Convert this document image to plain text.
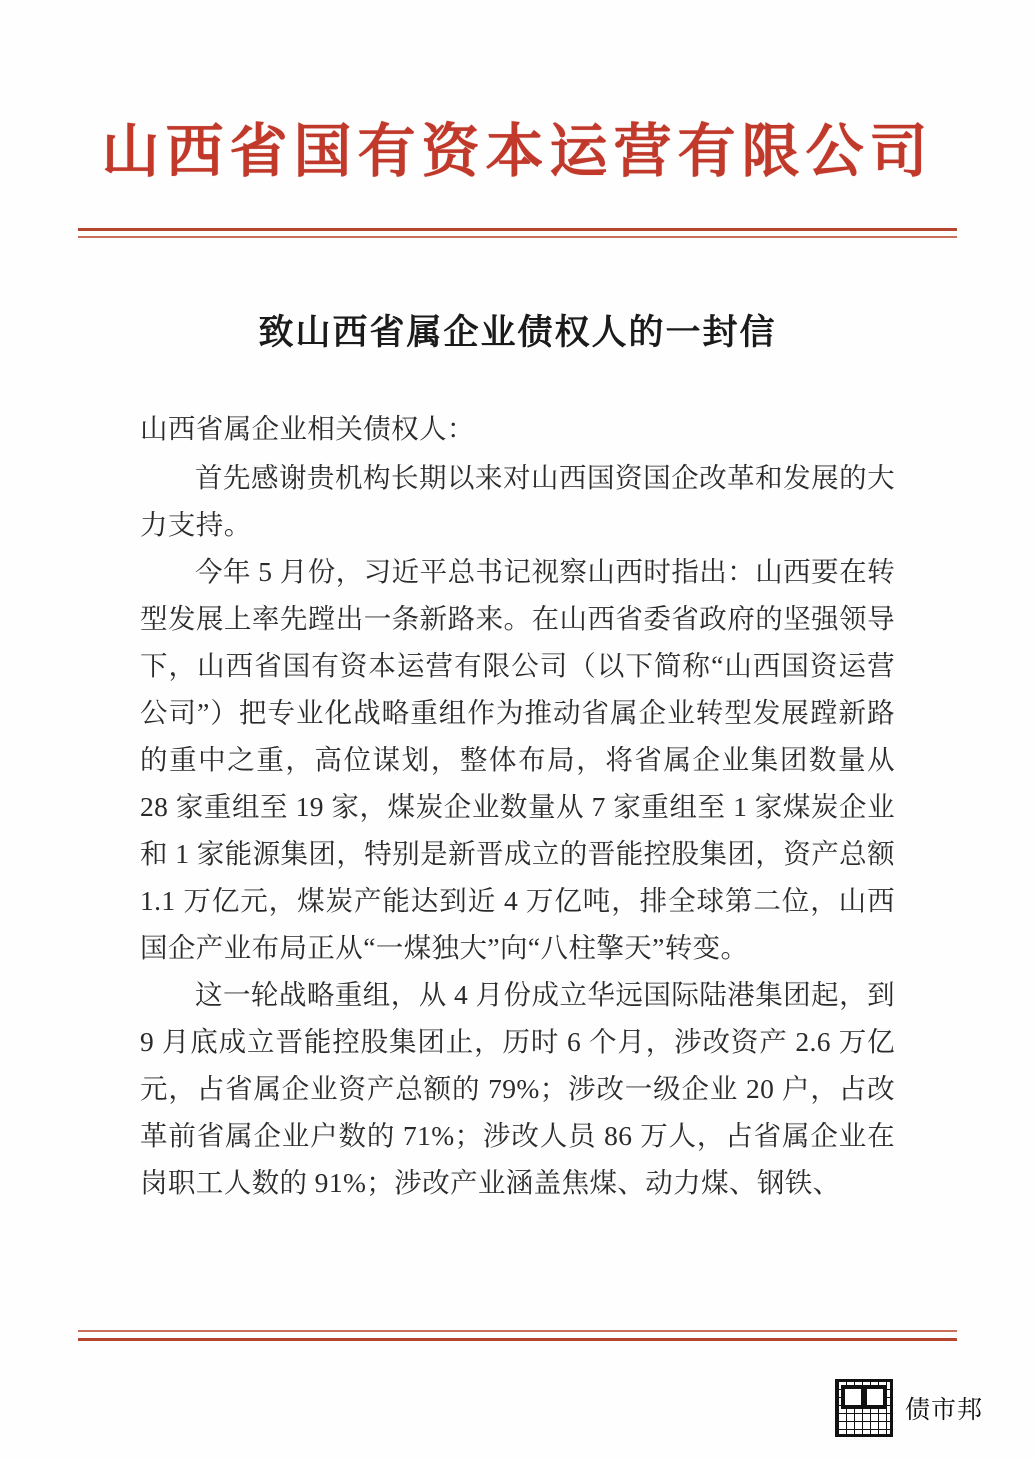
山西省国有资本运营有限公司
致山西省属企业债权人的一封信

山西省属企业相关债权人：

首先感谢贵机构长期以来对山西国资国企改革和发展的大力支持。

今年 5 月份，习近平总书记视察山西时指出：山西要在转型发展上率先蹚出一条新路来。在山西省委省政府的坚强领导下，山西省国有资本运营有限公司（以下简称“山西国资运营公司”）把专业化战略重组作为推动省属企业转型发展蹚新路的重中之重，高位谋划，整体布局，将省属企业集团数量从 28 家重组至 19 家，煤炭企业数量从 7 家重组至 1 家煤炭企业和 1 家能源集团，特别是新晋成立的晋能控股集团，资产总额 1.1 万亿元，煤炭产能达到近 4 万亿吨，排全球第二位，山西国企产业布局正从“一煤独大”向“八柱擎天”转变。

这一轮战略重组，从 4 月份成立华远国际陆港集团起，到 9 月底成立晋能控股集团止，历时 6 个月，涉改资产 2.6 万亿元，占省属企业资产总额的 79%；涉改一级企业 20 户，占改革前省属企业户数的 71%；涉改人员 86 万人，占省属企业在岗职工人数的 91%；涉改产业涵盖焦煤、动力煤、钢铁、

债市邦
